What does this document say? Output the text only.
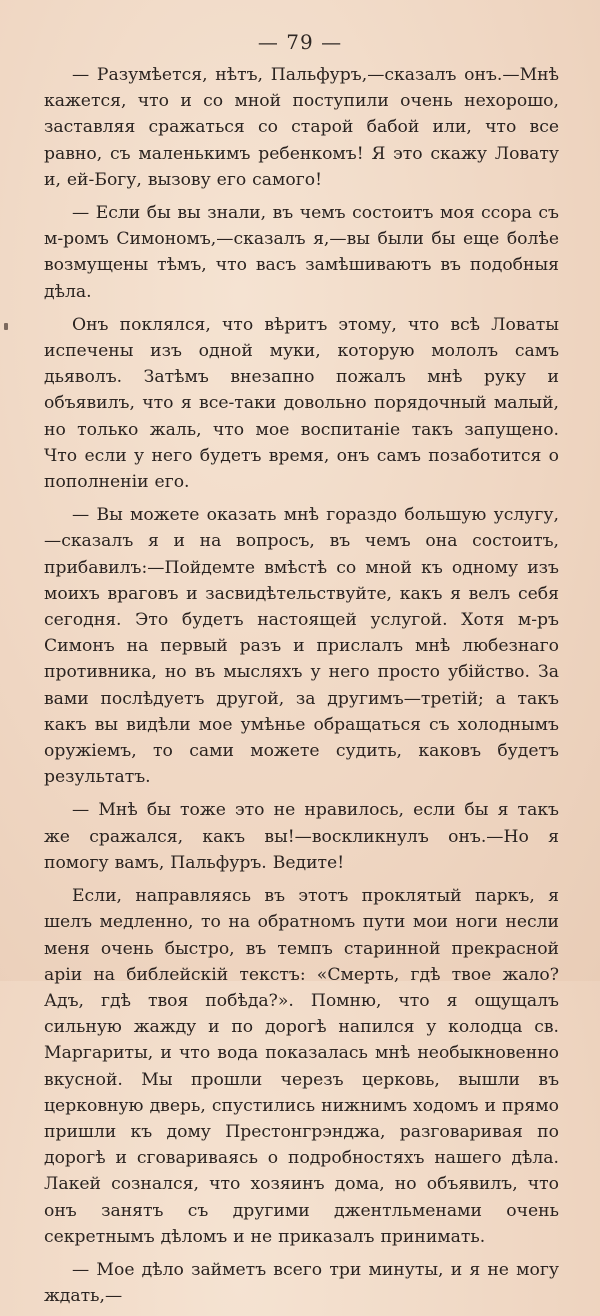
— 79 —

— Разумѣется, нѣтъ, Пальфуръ,—сказалъ онъ.—Мнѣ кажется, что и со мной поступили очень нехорошо, заставляя сражаться со старой бабой или, что все равно, съ маленькимъ ребенкомъ! Я это скажу Ловату и, ей-Богу, вызову его самого!

— Если бы вы знали, въ чемъ состоитъ моя ссора съ м-ромъ Симономъ,—сказалъ я,—вы были бы еще болѣе возмущены тѣмъ, что васъ замѣшиваютъ въ подобныя дѣла.

Онъ поклялся, что вѣритъ этому, что всѣ Ловаты испечены изъ одной муки, которую мололъ самъ дьяволъ. Затѣмъ внезапно пожалъ мнѣ руку и объявилъ, что я все-таки довольно порядочный малый, но только жаль, что мое воспитаніе такъ запущено. Что если у него будетъ время, онъ самъ позаботится о пополненіи его.

— Вы можете оказать мнѣ гораздо большую услугу,—сказалъ я и на вопросъ, въ чемъ она состоитъ, прибавилъ:—Пойдемте вмѣстѣ со мной къ одному изъ моихъ враговъ и засвидѣтельствуйте, какъ я велъ себя сегодня. Это будетъ настоящей услугой. Хотя м-ръ Симонъ на первый разъ и прислалъ мнѣ любезнаго противника, но въ мысляхъ у него просто убійство. За вами послѣдуетъ другой, за другимъ—третій; а такъ какъ вы видѣли мое умѣнье обращаться съ холоднымъ оружіемъ, то сами можете судить, каковъ будетъ результатъ.

— Мнѣ бы тоже это не нравилось, если бы я такъ же сражался, какъ вы!—воскликнулъ онъ.—Но я помогу вамъ, Пальфуръ. Ведите!

Если, направляясь въ этотъ проклятый паркъ, я шелъ медленно, то на обратномъ пути мои ноги несли меня очень быстро, въ темпъ старинной прекрасной аріи на библейскій текстъ: «Смерть, гдѣ твое жало? Адъ, гдѣ твоя побѣда?». Помню, что я ощущалъ сильную жажду и по дорогѣ напился у колодца св. Маргариты, и что вода показалась мнѣ необыкновенно вкусной. Мы прошли черезъ церковь, вышли въ церковную дверь, спустились нижнимъ ходомъ и прямо пришли къ дому Престонгрэнджа, разговаривая по дорогѣ и сговариваясь о подробностяхъ нашего дѣла. Лакей сознался, что хозяинъ дома, но объявилъ, что онъ занятъ съ другими джентльменами очень секретнымъ дѣломъ и не приказалъ принимать.

— Мое дѣло займетъ всего три минуты, и я не могу ждать,—
